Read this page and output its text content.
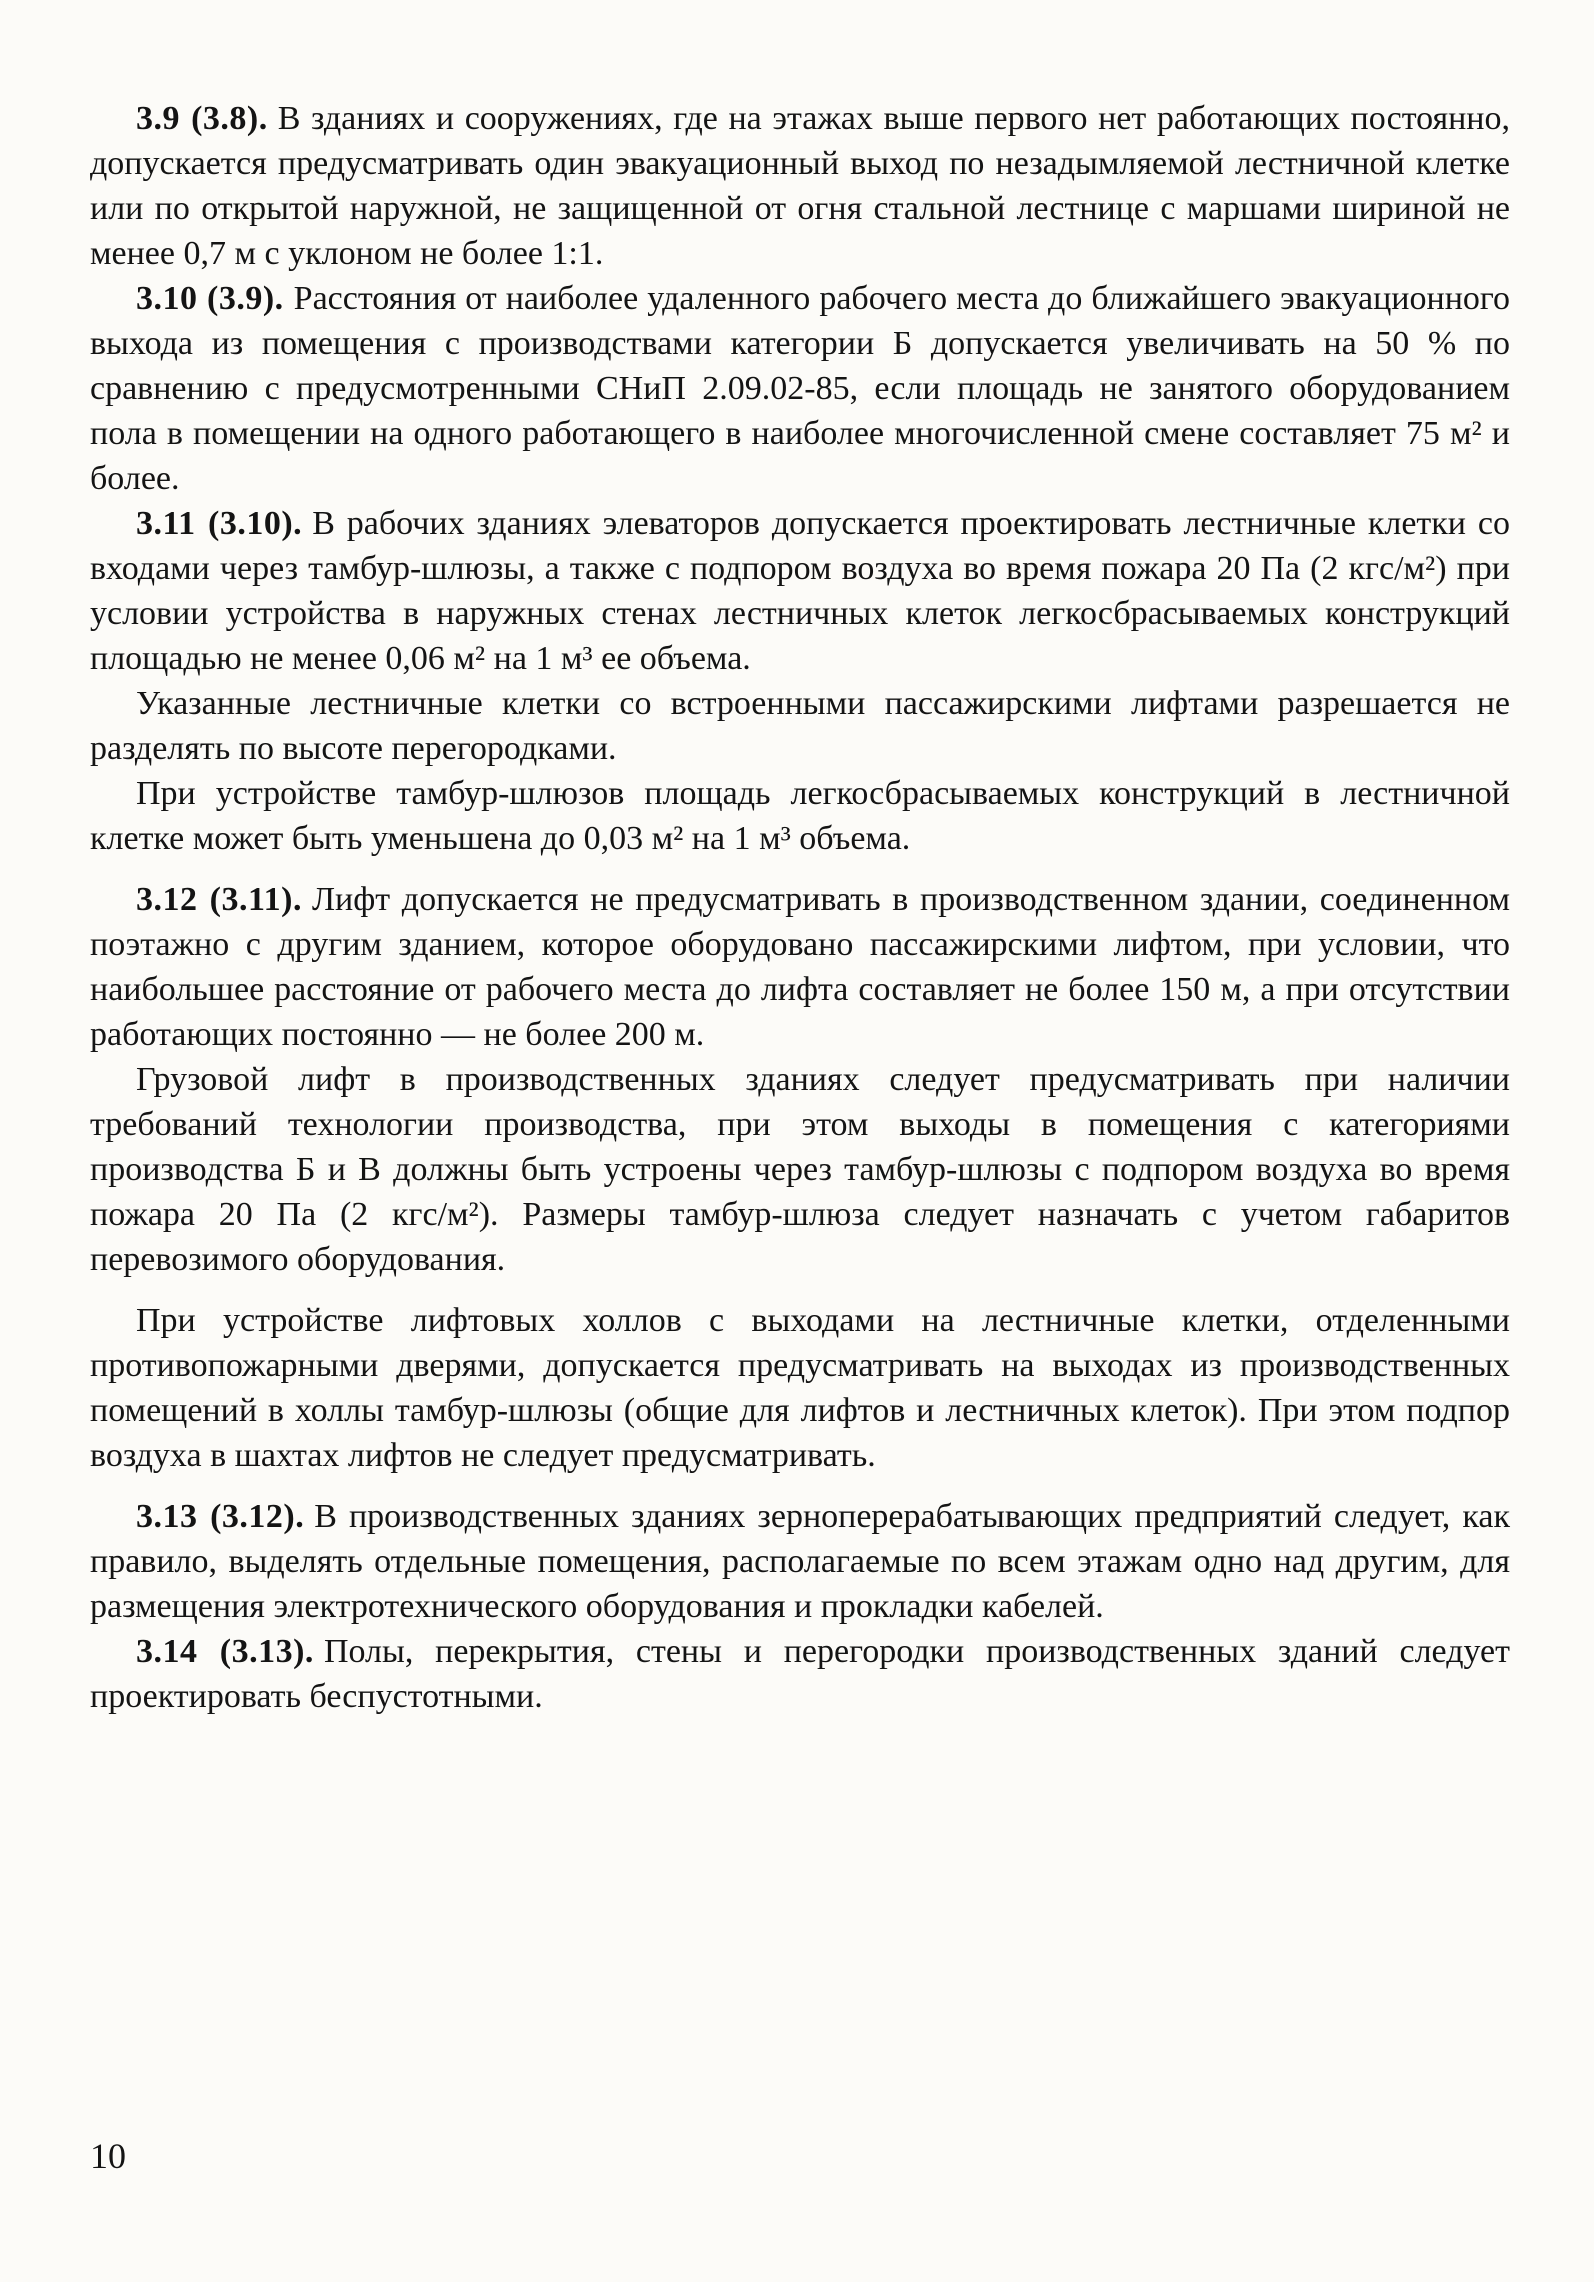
3.9 (3.8). В зданиях и сооружениях, где на этажах выше первого нет работающих постоянно, допускается предусматривать один эвакуационный выход по незадымляемой лестничной клетке или по открытой наружной, не защищенной от огня стальной лестнице с маршами шириной не менее 0,7 м с уклоном не более 1:1.

3.10 (3.9). Расстояния от наиболее удаленного рабочего места до ближайшего эвакуационного выхода из помещения с производствами категории Б допускается увеличивать на 50 % по сравнению с предусмотренными СНиП 2.09.02-85, если площадь не занятого оборудованием пола в помещении на одного работающего в наиболее многочисленной смене составляет 75 м² и более.

3.11 (3.10). В рабочих зданиях элеваторов допускается проектировать лестничные клетки со входами через тамбур-шлюзы, а также с подпором воздуха во время пожара 20 Па (2 кгс/м²) при условии устройства в наружных стенах лестничных клеток легкосбрасываемых конструкций площадью не менее 0,06 м² на 1 м³ ее объема.

Указанные лестничные клетки со встроенными пассажирскими лифтами разрешается не разделять по высоте перегородками.

При устройстве тамбур-шлюзов площадь легкосбрасываемых конструкций в лестничной клетке может быть уменьшена до 0,03 м² на 1 м³ объема.

3.12 (3.11). Лифт допускается не предусматривать в производственном здании, соединенном поэтажно с другим зданием, которое оборудовано пассажирскими лифтом, при условии, что наибольшее расстояние от рабочего места до лифта составляет не более 150 м, а при отсутствии работающих постоянно — не более 200 м.

Грузовой лифт в производственных зданиях следует предусматривать при наличии требований технологии производства, при этом выходы в помещения с категориями производства Б и В должны быть устроены через тамбур-шлюзы с подпором воздуха во время пожара 20 Па (2 кгс/м²). Размеры тамбур-шлюза следует назначать с учетом габаритов перевозимого оборудования.

При устройстве лифтовых холлов с выходами на лестничные клетки, отделенными противопожарными дверями, допускается предусматривать на выходах из производственных помещений в холлы тамбур-шлюзы (общие для лифтов и лестничных клеток). При этом подпор воздуха в шахтах лифтов не следует предусматривать.

3.13 (3.12). В производственных зданиях зерноперерабатывающих предприятий следует, как правило, выделять отдельные помещения, располагаемые по всем этажам одно над другим, для размещения электротехнического оборудования и прокладки кабелей.

3.14 (3.13). Полы, перекрытия, стены и перегородки производственных зданий следует проектировать беспустотными.

10
